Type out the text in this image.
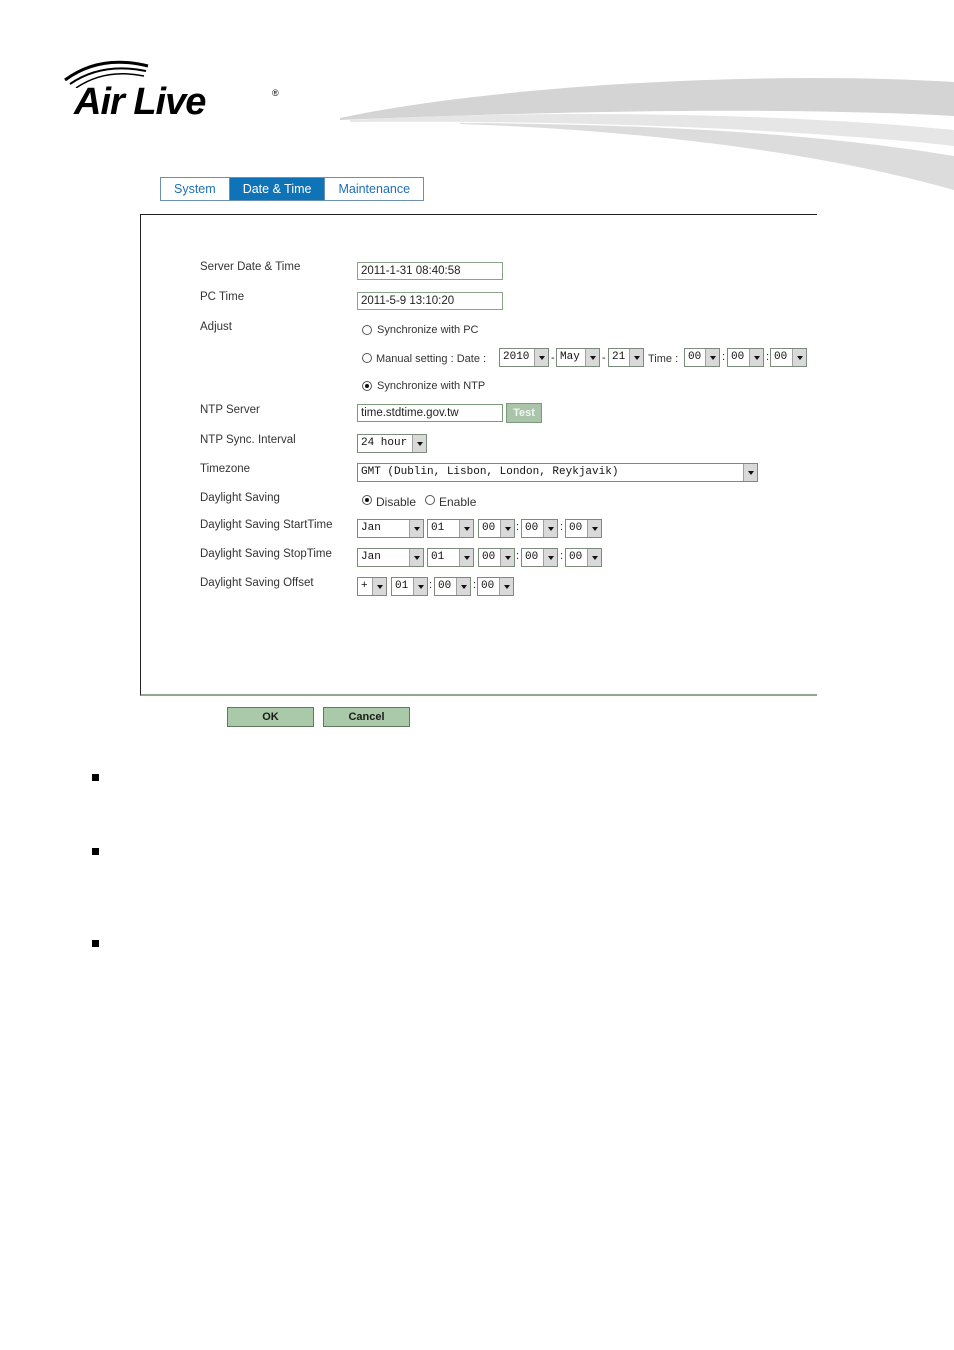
Air Live	®
System	Date & Time	Maintenance
Server Date & Time	2011-1-31 08:40:58
PC Time	2011-5-9 13:10:20
Adjust	Synchronize with PC
Manual setting : Date :	2010	- May	- 21	Time : 00	: 00	: 00
Synchronize with NTP
NTP Server	time.stdtime.gov.tw	Test
NTP Sync. Interval	24 hour
Timezone	GMT (Dublin, Lisbon, London, Reykjavik)
Daylight Saving	Disable Enable
Daylight Saving StartTime	Jan	01	00	: 00	: 00
Daylight Saving StopTime	Jan	01	00	: 00	: 00
Daylight Saving Offset	+	01	: 00	: 00
OK	Cancel
